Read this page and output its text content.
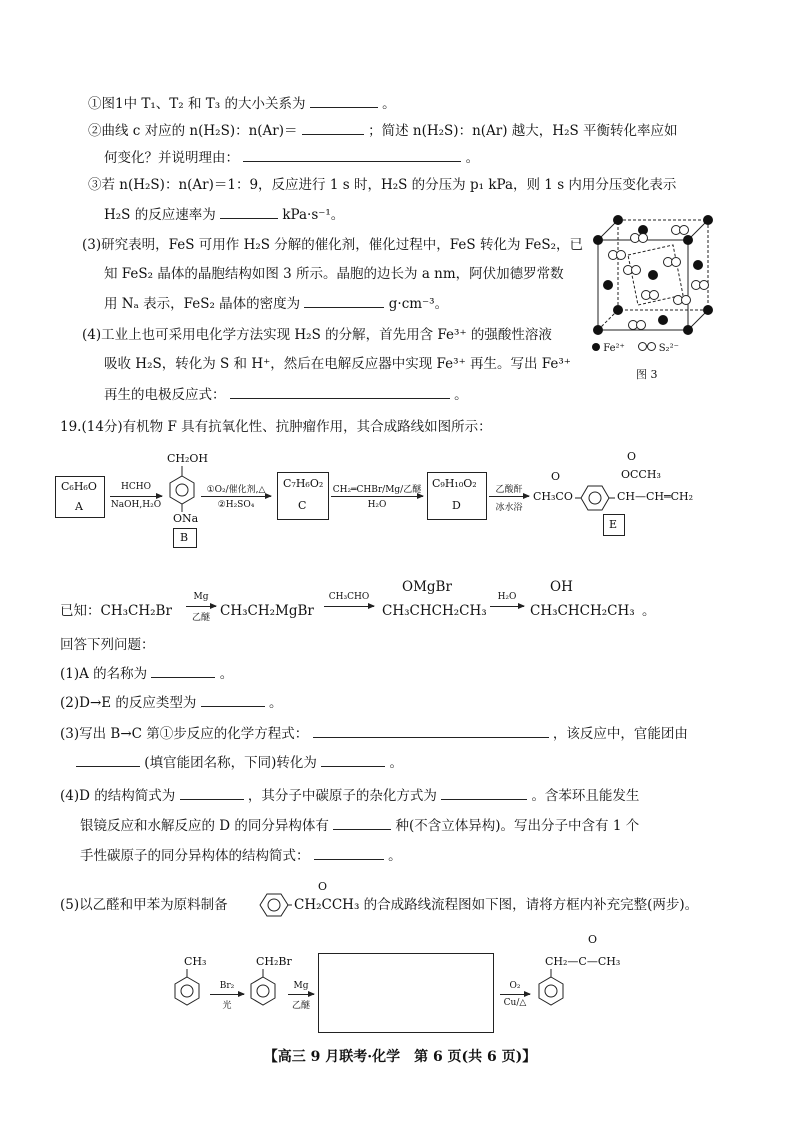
①图1中 T₁、T₂ 和 T₃ 的大小关系为	。
②曲线 c 对应的 n(H₂S)：n(Ar)＝	；简述 n(H₂S)：n(Ar) 越大，H₂S 平衡转化率应如
何变化？并说明理由：	。
③若 n(H₂S)：n(Ar)＝1：9，反应进行 1 s 时，H₂S 的分压为 p₁ kPa，则 1 s 内用分压变化表示
H₂S 的反应速率为	kPa·s⁻¹。
(3)研究表明，FeS 可用作 H₂S 分解的催化剂，催化过程中，FeS 转化为 FeS₂，已
知 FeS₂ 晶体的晶胞结构如图 3 所示。晶胞的边长为 a nm，阿伏加德罗常数
用 Nₐ 表示，FeS₂ 晶体的密度为	g·cm⁻³。
(4)工业上也可采用电化学方法实现 H₂S 的分解，首先用含 Fe³⁺ 的强酸性溶液
吸收 H₂S，转化为 S 和 H⁺，然后在电解反应器中实现 Fe³⁺ 再生。写出 Fe³⁺
再生的电极反应式：	。
Fe²⁺	S₂²⁻
图 3
19.(14分)有机物 F 具有抗氧化性、抗肿瘤作用，其合成路线如图所示：
C₆H₆O
A
HCHO
NaOH,H₂O
CH₂OH
ONa
B
①O₂/催化剂,△
②H₂SO₄
C₇H₆O₂
C
CH₂═CHBr/Mg/乙醚
H₂O
C₉H₁₀O₂
D
乙酸酐
冰水浴
O
CH₃CO
O
OCCH₃
CH—CH═CH₂
E
已知：CH₃CH₂Br
Mg
乙醚 CH₃CH₂MgBr
CH₃CHO
OMgBr
CH₃CHCH₂CH₃
H₂O
OH
CH₃CHCH₂CH₃ 。
回答下列问题：
(1)A 的名称为	。
(2)D→E 的反应类型为	。
(3)写出 B→C 第①步反应的化学方程式：	，该反应中，官能团由
(填官能团名称，下同)转化为	。
(4)D 的结构简式为	，其分子中碳原子的杂化方式为	。含苯环且能发生
银镜反应和水解反应的 D 的同分异构体有	种(不含立体异构)。写出分子中含有 1 个
手性碳原子的同分异构体的结构简式：	。
(5)以乙醛和甲苯为原料制备
O
CH₂CCH₃ 的合成路线流程图如下图，请将方框内补充完整(两步)。
CH₃
Br₂
光
CH₂Br
Mg
乙醚
O₂
Cu/△
O
CH₂—C—CH₃
【高三 9 月联考·化学　第 6 页(共 6 页)】
